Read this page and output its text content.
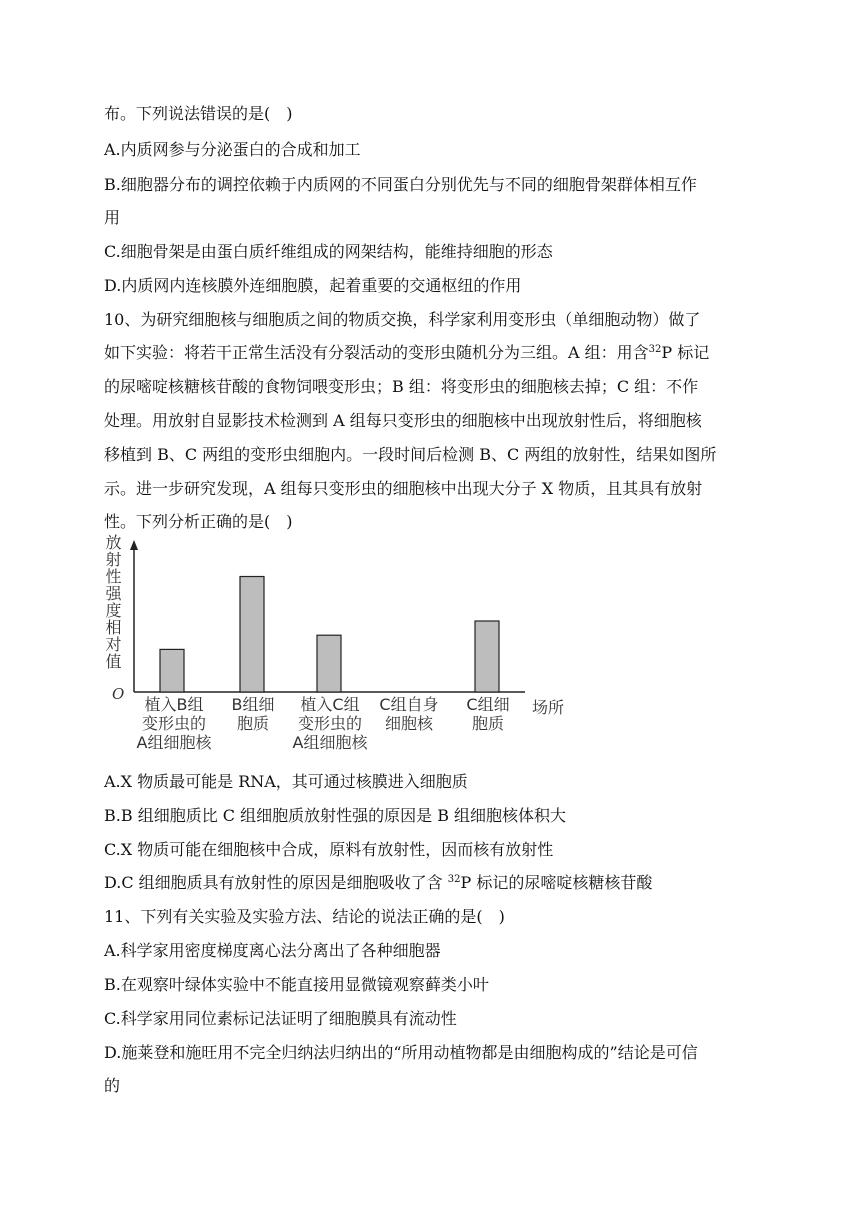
布。下列说法错误的是(　)
A.内质网参与分泌蛋白的合成和加工
B.细胞器分布的调控依赖于内质网的不同蛋白分别优先与不同的细胞骨架群体相互作
用
C.细胞骨架是由蛋白质纤维组成的网架结构，能维持细胞的形态
D.内质网内连核膜外连细胞膜，起着重要的交通枢纽的作用
10、为研究细胞核与细胞质之间的物质交换，科学家利用变形虫（单细胞动物）做了
如下实验：将若干正常生活没有分裂活动的变形虫随机分为三组。A 组：用含$^{32}$P 标记
的尿嘧啶核糖核苷酸的食物饲喂变形虫；B 组：将变形虫的细胞核去掉；C 组：不作
处理。用放射自显影技术检测到 A 组每只变形虫的细胞核中出现放射性后，将细胞核
移植到 B、C 两组的变形虫细胞内。一段时间后检测 B、C 两组的放射性，结果如图所
示。进一步研究发现，A 组每只变形虫的细胞核中出现大分子 X 物质，且其具有放射
性。下列分析正确的是(　)
放射性强度相对值
O
植入B组
变形虫的
A组细胞核
B组细
胞质
植入C组
变形虫的
A组细胞核
C组自身
细胞核
C组细
胞质
场所
A.X 物质最可能是 RNA，其可通过核膜进入细胞质
B.B 组细胞质比 C 组细胞质放射性强的原因是 B 组细胞核体积大
C.X 物质可能在细胞核中合成，原料有放射性，因而核有放射性
D.C 组细胞质具有放射性的原因是细胞吸收了含 $^{32}$P 标记的尿嘧啶核糖核苷酸
11、下列有关实验及实验方法、结论的说法正确的是(　)
A.科学家用密度梯度离心法分离出了各种细胞器
B.在观察叶绿体实验中不能直接用显微镜观察藓类小叶
C.科学家用同位素标记法证明了细胞膜具有流动性
D.施莱登和施旺用不完全归纳法归纳出的“所用动植物都是由细胞构成的”结论是可信
的
